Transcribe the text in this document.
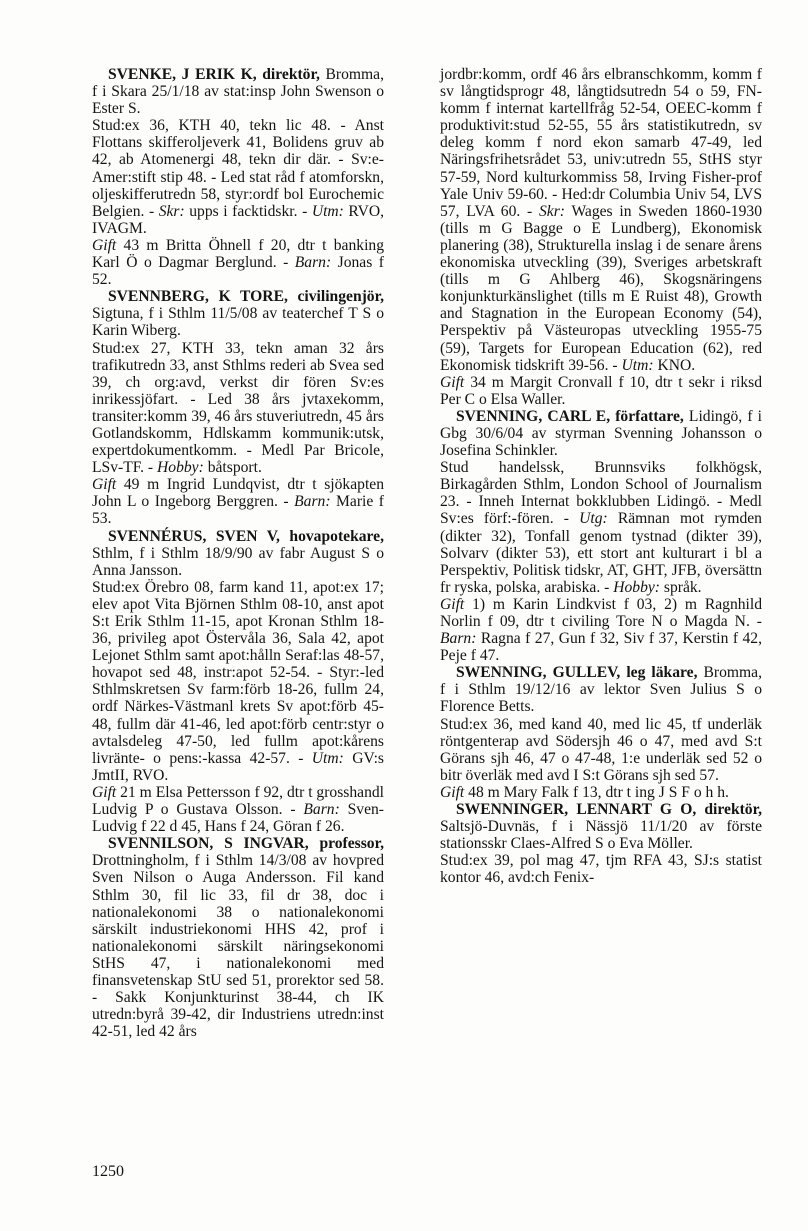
SVENKE, J ERIK K, direktör, Bromma, f i Skara 25/1/18 av stat:insp John Swenson o Ester S.

Stud:ex 36, KTH 40, tekn lic 48. - Anst Flottans skifferoljeverk 41, Bolidens gruv ab 42, ab Atomenergi 48, tekn dir där. - Sv:e-Amer:stift stip 48. - Led stat råd f atomforskn, oljeskifferutredn 58, styr:ordf bol Eurochemic Belgien. - Skr: upps i facktidskr. - Utm: RVO, IVAGM.

Gift 43 m Britta Öhnell f 20, dtr t banking Karl Ö o Dagmar Berglund. - Barn: Jonas f 52.

SVENNBERG, K TORE, civilingenjör, Sigtuna, f i Sthlm 11/5/08 av teaterchef T S o Karin Wiberg.

Stud:ex 27, KTH 33, tekn aman 32 års trafikutredn 33, anst Sthlms rederi ab Svea sed 39, ch org:avd, verkst dir fören Sv:es inrikessjöfart. - Led 38 års jvtaxekomm, transiter:komm 39, 46 års stuveriutredn, 45 års Gotlandskomm, Hdlskamm kommunik:utsk, expertdokumentkomm. - Medl Par Bricole, LSv-TF. - Hobby: båtsport.

Gift 49 m Ingrid Lundqvist, dtr t sjökapten John L o Ingeborg Berggren. - Barn: Marie f 53.

SVENNÉRUS, SVEN V, hovapotekare, Sthlm, f i Sthlm 18/9/90 av fabr August S o Anna Jansson.

Stud:ex Örebro 08, farm kand 11, apot:ex 17; elev apot Vita Björnen Sthlm 08-10, anst apot S:t Erik Sthlm 11-15, apot Kronan Sthlm 18-36, privileg apot Östervåla 36, Sala 42, apot Lejonet Sthlm samt apot:hålln Seraf:las 48-57, hovapot sed 48, instr:apot 52-54. - Styr:-led Sthlmskretsen Sv farm:förb 18-26, fullm 24, ordf Närkes-Västmanl krets Sv apot:förb 45-48, fullm där 41-46, led apot:förb centr:styr o avtalsdeleg 47-50, led fullm apot:kårens livränte- o pens:-kassa 42-57. - Utm: GV:s JmtII, RVO.

Gift 21 m Elsa Pettersson f 92, dtr t grosshandl Ludvig P o Gustava Olsson. - Barn: Sven-Ludvig f 22 d 45, Hans f 24, Göran f 26.

SVENNILSON, S INGVAR, professor, Drottningholm, f i Sthlm 14/3/08 av hovpred Sven Nilson o Auga Andersson. Fil kand Sthlm 30, fil lic 33, fil dr 38, doc i nationalekonomi 38 o nationalekonomi särskilt industriekonomi HHS 42, prof i nationalekonomi särskilt näringsekonomi StHS 47, i nationalekonomi med finansvetenskap StU sed 51, prorektor sed 58. - Sakk Konjunkturinst 38-44, ch IK utredn:byrå 39-42, dir Industriens utredn:inst 42-51, led 42 års

jordbr:komm, ordf 46 års elbranschkomm, komm f sv långtidsprogr 48, långtidsutredn 54 o 59, FN-komm f internat kartellfråg 52-54, OEEC-komm f produktivit:stud 52-55, 55 års statistikutredn, sv deleg komm f nord ekon samarb 47-49, led Näringsfrihetsrådet 53, univ:utredn 55, StHS styr 57-59, Nord kulturkommiss 58, Irving Fisher-prof Yale Univ 59-60. - Hed:dr Columbia Univ 54, LVS 57, LVA 60. - Skr: Wages in Sweden 1860-1930 (tills m G Bagge o E Lundberg), Ekonomisk planering (38), Strukturella inslag i de senare årens ekonomiska utveckling (39), Sveriges arbetskraft (tills m G Ahlberg 46), Skogsnäringens konjunkturkänslighet (tills m E Ruist 48), Growth and Stagnation in the European Economy (54), Perspektiv på Västeuropas utveckling 1955-75 (59), Targets for European Education (62), red Ekonomisk tidskrift 39-56. - Utm: KNO.

Gift 34 m Margit Cronvall f 10, dtr t sekr i riksd Per C o Elsa Waller.

SVENNING, CARL E, författare, Lidingö, f i Gbg 30/6/04 av styrman Svenning Johansson o Josefina Schinkler.

Stud handelssk, Brunnsviks folkhögsk, Birkagården Sthlm, London School of Journalism 23. - Inneh Internat bokklubben Lidingö. - Medl Sv:es förf:-fören. - Utg: Rämnan mot rymden (dikter 32), Tonfall genom tystnad (dikter 39), Solvarv (dikter 53), ett stort ant kulturart i bl a Perspektiv, Politisk tidskr, AT, GHT, JFB, översättn fr ryska, polska, arabiska. - Hobby: språk.

Gift 1) m Karin Lindkvist f 03, 2) m Ragnhild Norlin f 09, dtr t civiling Tore N o Magda N. - Barn: Ragna f 27, Gun f 32, Siv f 37, Kerstin f 42, Peje f 47.

SWENNING, GULLEV, leg läkare, Bromma, f i Sthlm 19/12/16 av lektor Sven Julius S o Florence Betts.

Stud:ex 36, med kand 40, med lic 45, tf underläk röntgenterap avd Södersjh 46 o 47, med avd S:t Görans sjh 46, 47 o 47-48, 1:e underläk sed 52 o bitr överläk med avd I S:t Görans sjh sed 57.

Gift 48 m Mary Falk f 13, dtr t ing J S F o h h.

SWENNINGER, LENNART G O, direktör, Saltsjö-Duvnäs, f i Nässjö 11/1/20 av förste stationsskr Claes-Alfred S o Eva Möller.

Stud:ex 39, pol mag 47, tjm RFA 43, SJ:s statist kontor 46, avd:ch Fenix-

1250
